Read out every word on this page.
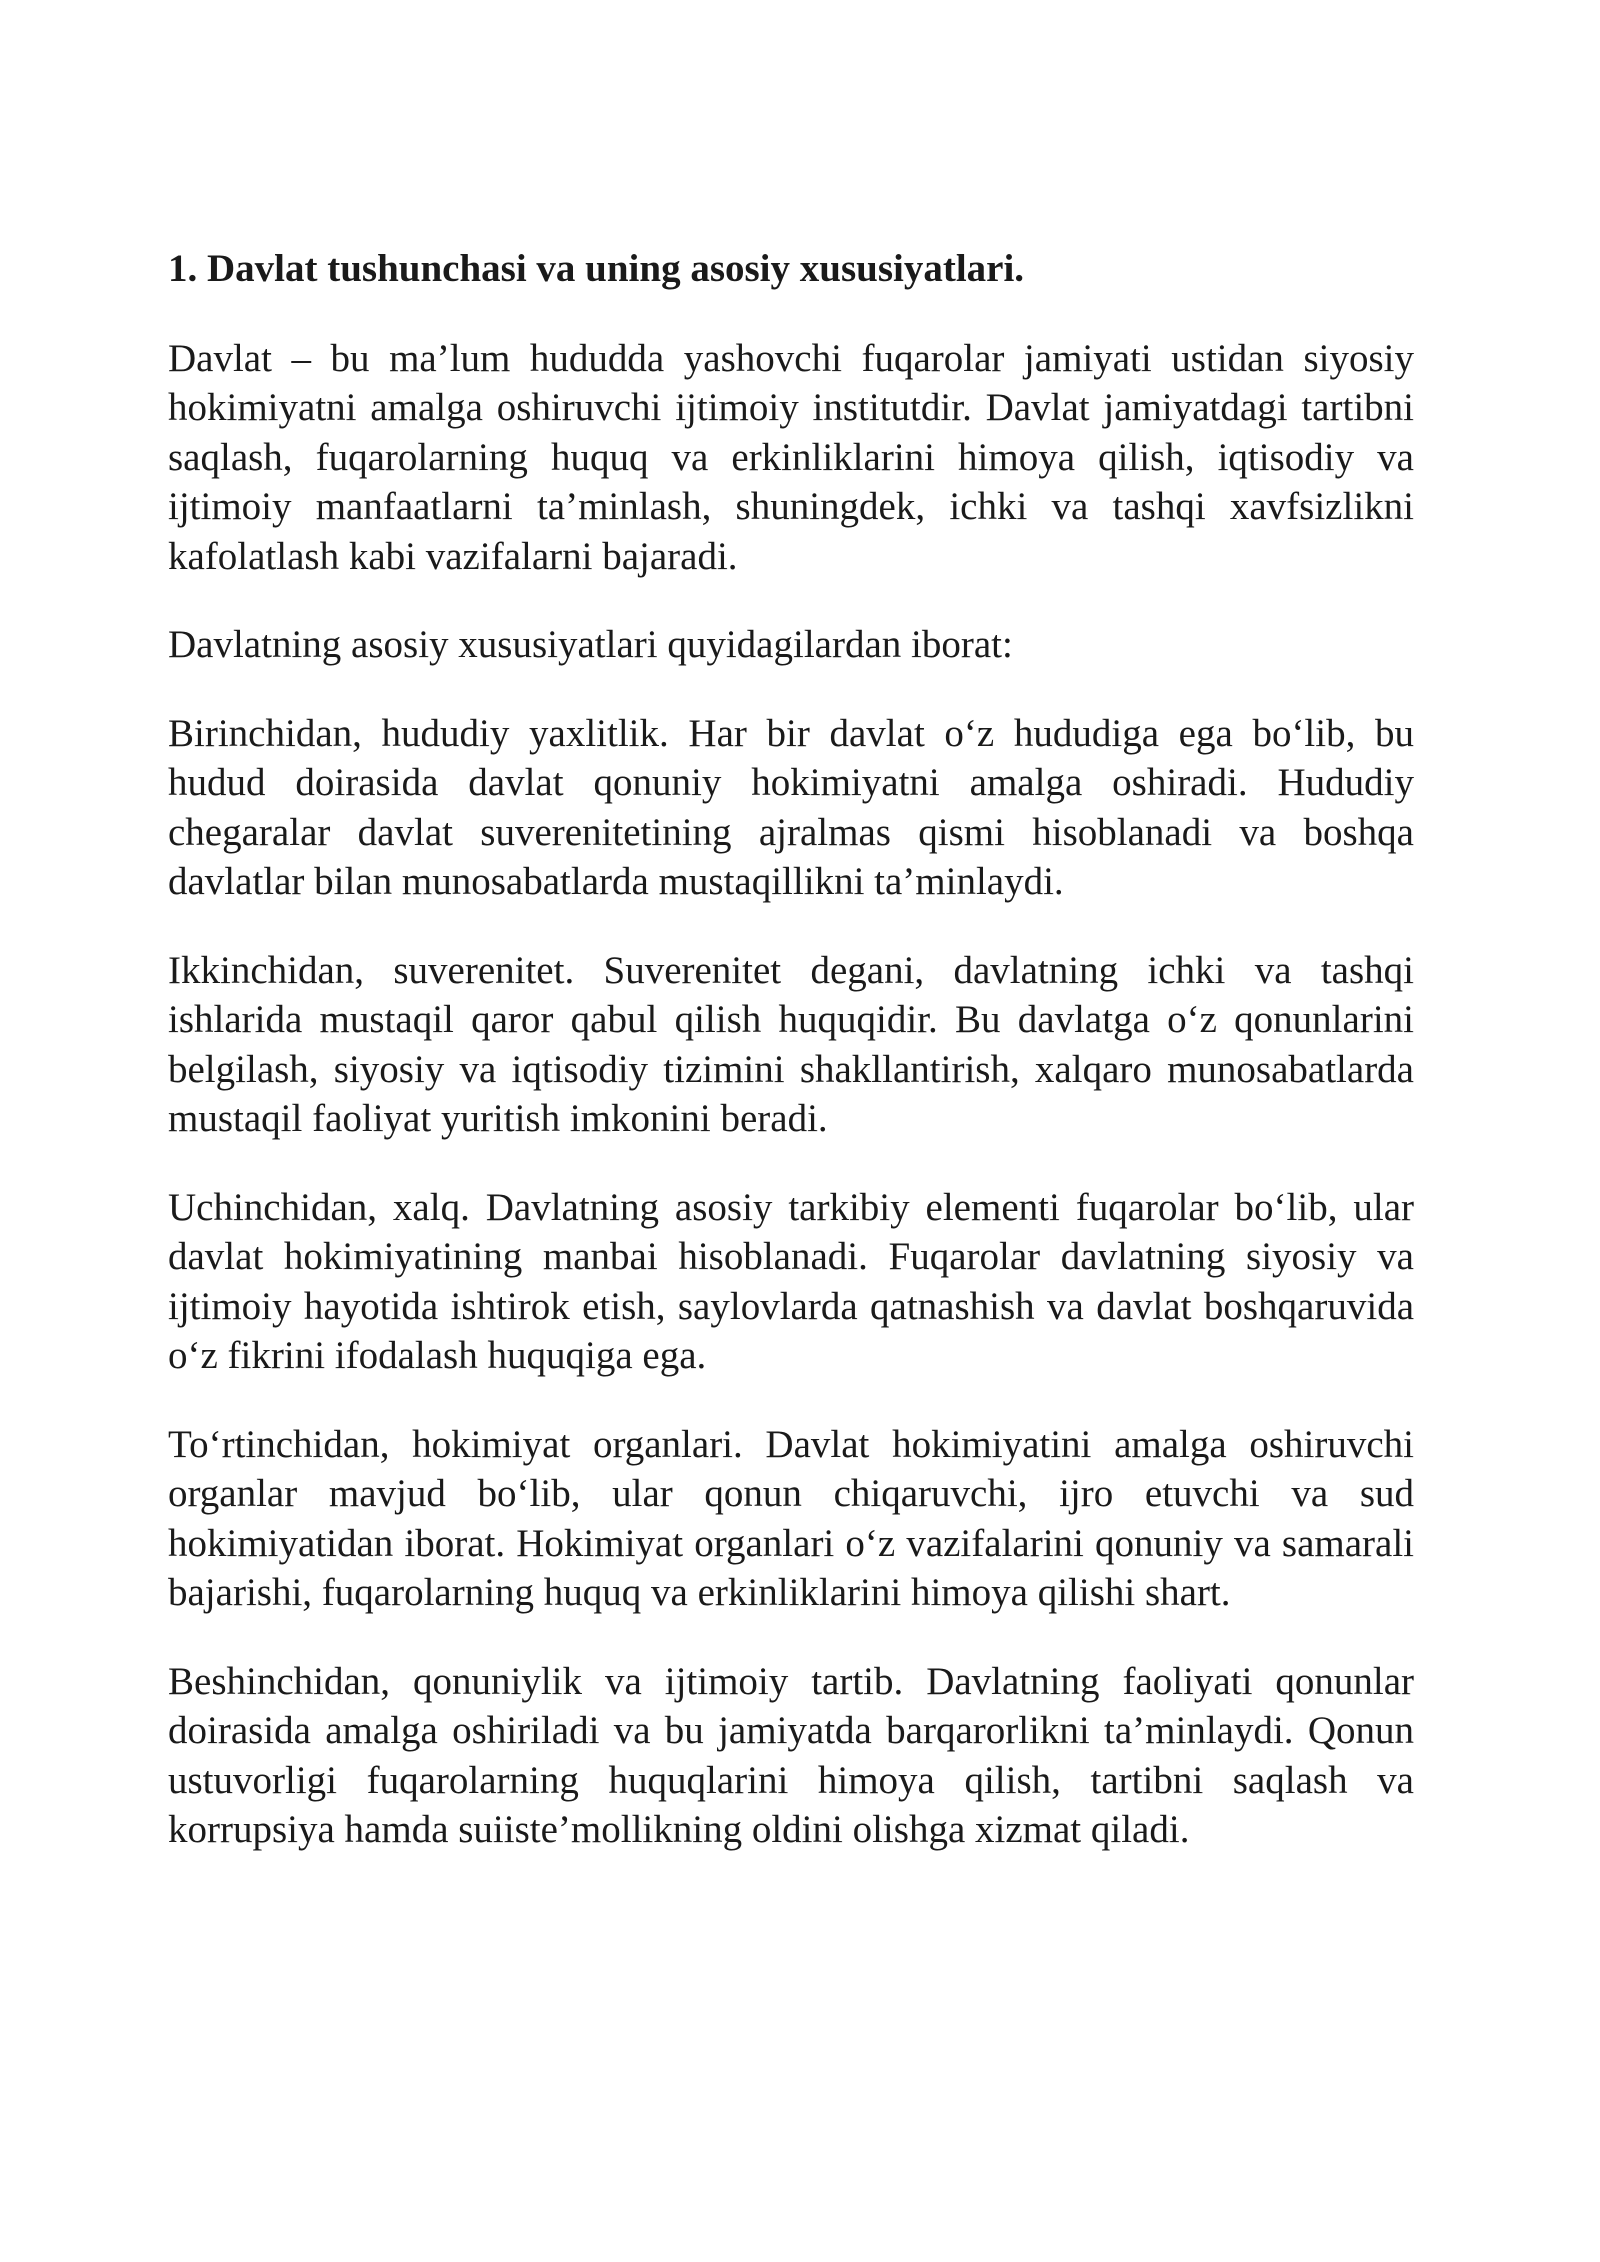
1. Davlat tushunchasi va uning asosiy xususiyatlari.

Davlat – bu ma’lum hududda yashovchi fuqarolar jamiyati ustidan siyosiy hokimiyatni amalga oshiruvchi ijtimoiy institutdir. Davlat jamiyatdagi tartibni saqlash, fuqarolarning huquq va erkinliklarini himoya qilish, iqtisodiy va ijtimoiy manfaatlarni ta’minlash, shuningdek, ichki va tashqi xavfsizlikni kafolatlash kabi vazifalarni bajaradi.

Davlatning asosiy xususiyatlari quyidagilardan iborat:

Birinchidan, hududiy yaxlitlik. Har bir davlat o‘z hududiga ega bo‘lib, bu hudud doirasida davlat qonuniy hokimiyatni amalga oshiradi. Hududiy chegaralar davlat suverenitetining ajralmas qismi hisoblanadi va boshqa davlatlar bilan munosabatlarda mustaqillikni ta’minlaydi.

Ikkinchidan, suverenitet. Suverenitet degani, davlatning ichki va tashqi ishlarida mustaqil qaror qabul qilish huquqidir. Bu davlatga o‘z qonunlarini belgilash, siyosiy va iqtisodiy tizimini shakllantirish, xalqaro munosabatlarda mustaqil faoliyat yuritish imkonini beradi.

Uchinchidan, xalq. Davlatning asosiy tarkibiy elementi fuqarolar bo‘lib, ular davlat hokimiyatining manbai hisoblanadi. Fuqarolar davlatning siyosiy va ijtimoiy hayotida ishtirok etish, saylovlarda qatnashish va davlat boshqaruvida o‘z fikrini ifodalash huquqiga ega.

To‘rtinchidan, hokimiyat organlari. Davlat hokimiyatini amalga oshiruvchi organlar mavjud bo‘lib, ular qonun chiqaruvchi, ijro etuvchi va sud hokimiyatidan iborat. Hokimiyat organlari o‘z vazifalarini qonuniy va samarali bajarishi, fuqarolarning huquq va erkinliklarini himoya qilishi shart.

Beshinchidan, qonuniylik va ijtimoiy tartib. Davlatning faoliyati qonunlar doirasida amalga oshiriladi va bu jamiyatda barqarorlikni ta’minlaydi. Qonun ustuvorligi fuqarolarning huquqlarini himoya qilish, tartibni saqlash va korrupsiya hamda suiiste’mollikning oldini olishga xizmat qiladi.
